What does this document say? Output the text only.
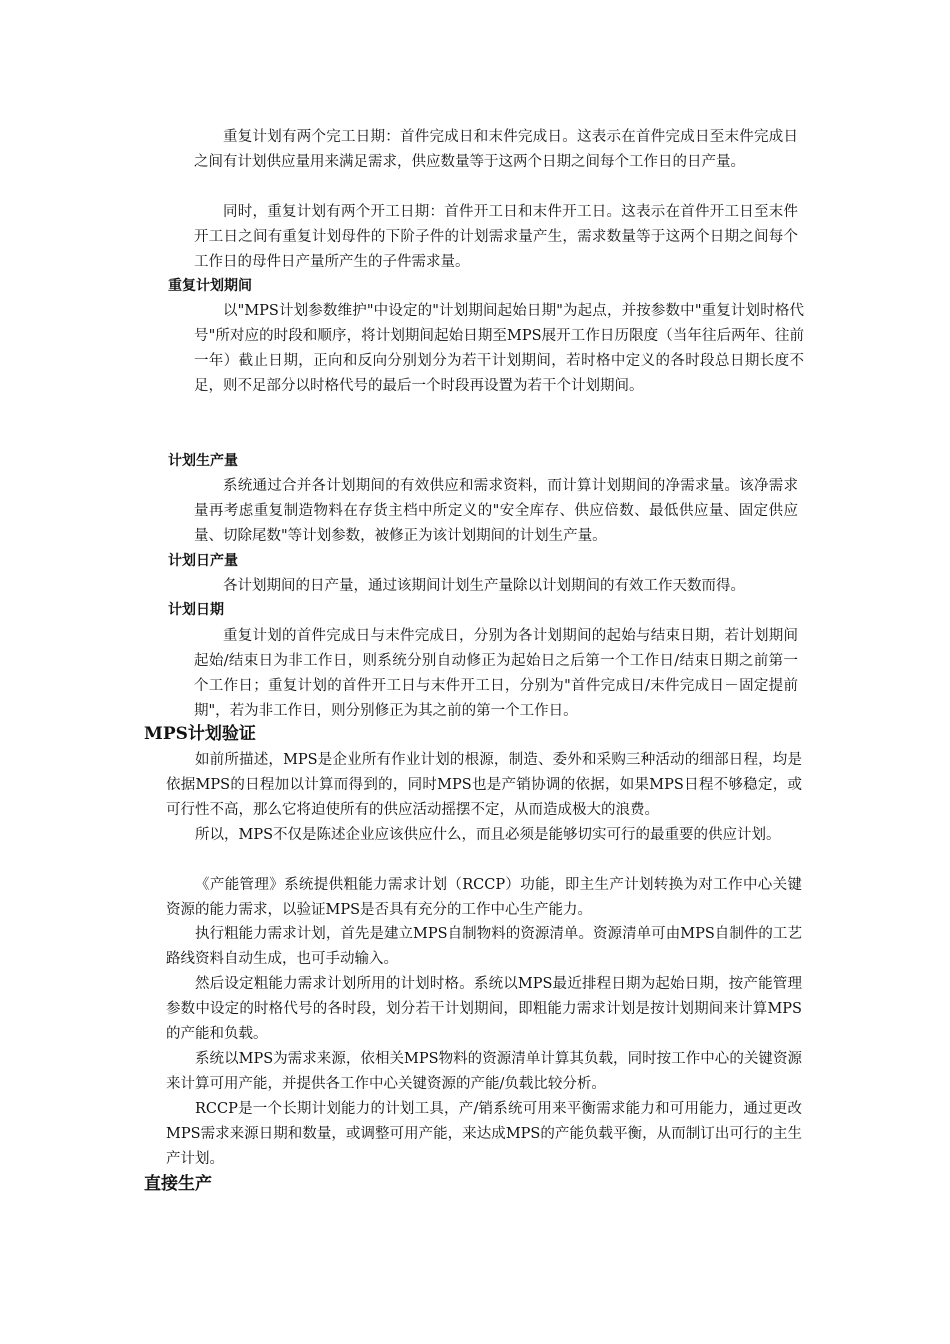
重复计划有两个完工日期：首件完成日和末件完成日。这表示在首件完成日至末件完成日之间有计划供应量用来满足需求，供应数量等于这两个日期之间每个工作日的日产量。

同时，重复计划有两个开工日期：首件开工日和末件开工日。这表示在首件开工日至末件开工日之间有重复计划母件的下阶子件的计划需求量产生，需求数量等于这两个日期之间每个工作日的母件日产量所产生的子件需求量。

重复计划期间

以"MPS计划参数维护"中设定的"计划期间起始日期"为起点，并按参数中"重复计划时格代号"所对应的时段和顺序，将计划期间起始日期至MPS展开工作日历限度（当年往后两年、往前一年）截止日期，正向和反向分别划分为若干计划期间，若时格中定义的各时段总日期长度不足，则不足部分以时格代号的最后一个时段再设置为若干个计划期间。

计划生产量

系统通过合并各计划期间的有效供应和需求资料，而计算计划期间的净需求量。该净需求量再考虑重复制造物料在存货主档中所定义的"安全库存、供应倍数、最低供应量、固定供应量、切除尾数"等计划参数，被修正为该计划期间的计划生产量。

计划日产量

各计划期间的日产量，通过该期间计划生产量除以计划期间的有效工作天数而得。

计划日期

重复计划的首件完成日与末件完成日，分别为各计划期间的起始与结束日期，若计划期间起始/结束日为非工作日，则系统分别自动修正为起始日之后第一个工作日/结束日期之前第一个工作日；重复计划的首件开工日与末件开工日，分别为"首件完成日/末件完成日－固定提前期"，若为非工作日，则分别修正为其之前的第一个工作日。

MPS计划验证

如前所描述，MPS是企业所有作业计划的根源，制造、委外和采购三种活动的细部日程，均是依据MPS的日程加以计算而得到的，同时MPS也是产销协调的依据，如果MPS日程不够稳定，或可行性不高，那么它将迫使所有的供应活动摇摆不定，从而造成极大的浪费。

所以，MPS不仅是陈述企业应该供应什么，而且必须是能够切实可行的最重要的供应计划。

《产能管理》系统提供粗能力需求计划（RCCP）功能，即主生产计划转换为对工作中心关键资源的能力需求，以验证MPS是否具有充分的工作中心生产能力。

执行粗能力需求计划，首先是建立MPS自制物料的资源清单。资源清单可由MPS自制件的工艺路线资料自动生成，也可手动输入。

然后设定粗能力需求计划所用的计划时格。系统以MPS最近排程日期为起始日期，按产能管理参数中设定的时格代号的各时段，划分若干计划期间，即粗能力需求计划是按计划期间来计算MPS的产能和负载。

系统以MPS为需求来源，依相关MPS物料的资源清单计算其负载，同时按工作中心的关键资源来计算可用产能，并提供各工作中心关键资源的产能/负载比较分析。

RCCP是一个长期计划能力的计划工具，产/销系统可用来平衡需求能力和可用能力，通过更改MPS需求来源日期和数量，或调整可用产能，来达成MPS的产能负载平衡，从而制订出可行的主生产计划。

直接生产
